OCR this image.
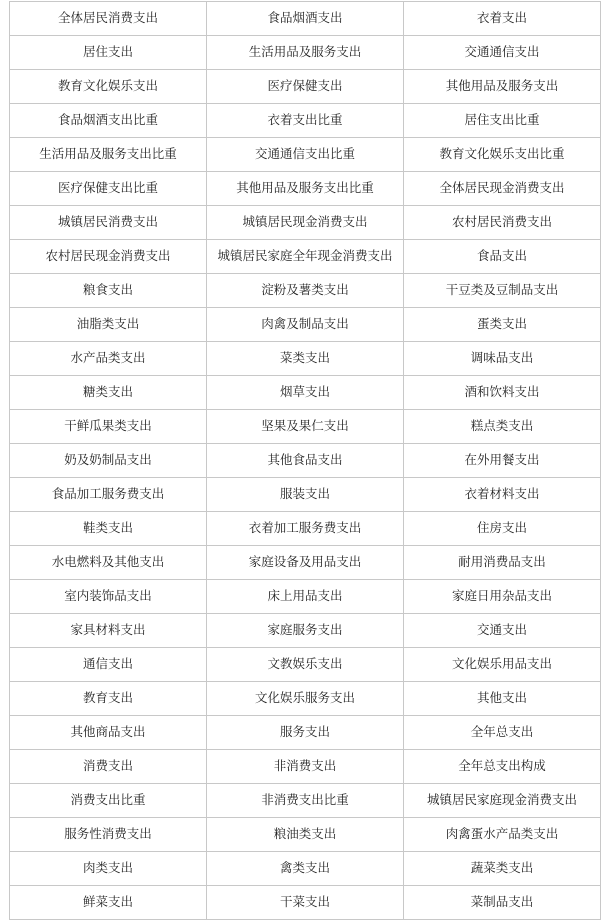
全体居民消费支出	食品烟酒支出	衣着支出
居住支出	生活用品及服务支出	交通通信支出
教育文化娱乐支出	医疗保健支出	其他用品及服务支出
食品烟酒支出比重	衣着支出比重	居住支出比重
生活用品及服务支出比重	交通通信支出比重	教育文化娱乐支出比重
医疗保健支出比重	其他用品及服务支出比重	全体居民现金消费支出
城镇居民消费支出	城镇居民现金消费支出	农村居民消费支出
农村居民现金消费支出	城镇居民家庭全年现金消费支出	食品支出
粮食支出	淀粉及薯类支出	干豆类及豆制品支出
油脂类支出	肉禽及制品支出	蛋类支出
水产品类支出	菜类支出	调味品支出
糖类支出	烟草支出	酒和饮料支出
干鲜瓜果类支出	坚果及果仁支出	糕点类支出
奶及奶制品支出	其他食品支出	在外用餐支出
食品加工服务费支出	服装支出	衣着材料支出
鞋类支出	衣着加工服务费支出	住房支出
水电燃料及其他支出	家庭设备及用品支出	耐用消费品支出
室内装饰品支出	床上用品支出	家庭日用杂品支出
家具材料支出	家庭服务支出	交通支出
通信支出	文教娱乐支出	文化娱乐用品支出
教育支出	文化娱乐服务支出	其他支出
其他商品支出	服务支出	全年总支出
消费支出	非消费支出	全年总支出构成
消费支出比重	非消费支出比重	城镇居民家庭现金消费支出
服务性消费支出	粮油类支出	肉禽蛋水产品类支出
肉类支出	禽类支出	蔬菜类支出
鲜菜支出	干菜支出	菜制品支出
